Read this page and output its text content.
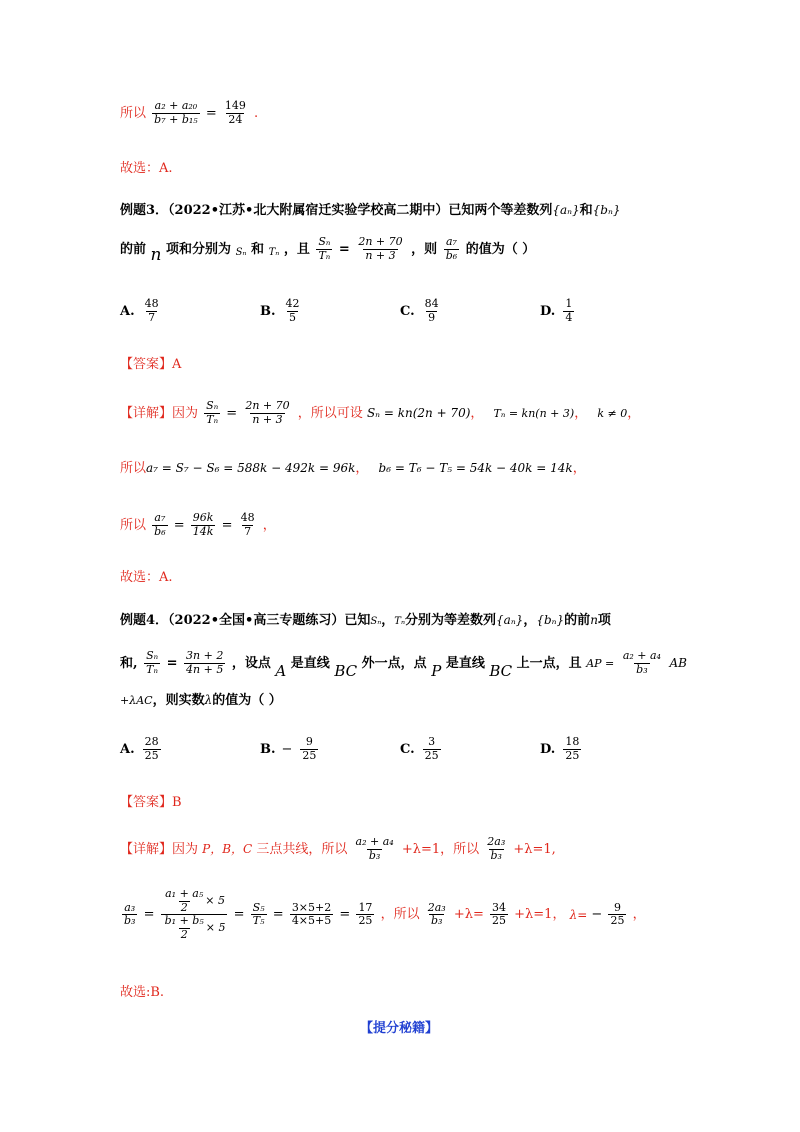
所以 $\frac{\text{a₂ + a₂₀}}{\text{b₇ + b₁₅}} = \frac{149}{24}$ .
故选：A.
例题3．（2022•江苏•北大附属宿迁实验学校高二期中）已知两个等差数列{aₙ}和{bₙ}
的前 n 项和分别为 Sₙ 和 Tₙ ，且 $\frac{\text{Sₙ}}{\text{Tₙ}} = \frac{2n + 70}{n + 3}$ ，则 $\frac{\text{a₇}}{\text{b₆}}$ 的值为（ ）
A. $\frac{48}{7}$	B. $\frac{42}{5}$	C. $\frac{84}{9}$	D. $\frac{1}{4}$
【答案】A
【详解】因为 $\frac{\text{Sₙ}}{\text{Tₙ}} = \frac{2n + 70}{n + 3}$ ，所以可设 Sₙ = kn(2n + 70)， Tₙ = kn(n + 3)， k ≠ 0，
所以a₇ = S₇ − S₆ = 588k − 492k = 96k， b₆ = T₆ − T₅ = 54k − 40k = 14k，
所以 $\frac{\text{a₇}}{\text{b₆}} = \frac{96k}{14k} = \frac{48}{7}$ ，
故选：A.
例题4．（2022•全国•高三专题练习）已知Sₙ，Tₙ分别为等差数列{aₙ}，{bₙ}的前n项
和, $\frac{\text{Sₙ}}{\text{Tₙ}} = \frac{3n + 2}{4n + 5}$ ，设点 A 是直线 BC 外一点，点 P 是直线 BC 上一点，且 AP = $\frac{\text{a₂ + a₄}}{\text{b₃}}$ AB
+λAC，则实数λ的值为（ ）
A. $\frac{28}{25}$	B. − $\frac{9}{25}$	C. $\frac{3}{25}$	D. $\frac{18}{25}$
【答案】B
【详解】因为 P，B，C 三点共线，所以 $\frac{\text{a₂ + a₄}}{\text{b₃}} +\lambda=1$，所以 $\frac{\text{2a₃}}{\text{b₃}} +\lambda=1$,
$\frac{\text{a₃}}{\text{b₃}} = \frac{\frac{\text{a₁ + a₅}}{2} \times 5}{\frac{\text{b₁ + b₅}}{2} \times 5} = \frac{\text{S₅}}{\text{T₅}} = \frac{3\times 5+2}{4\times 5+5} = \frac{17}{25}$ ，所以 $\frac{\text{2a₃}}{\text{b₃}} +\lambda= \frac{34}{25} +\lambda=1$， $\lambda= - \frac{9}{25}$ ，
故选:B.
【提分秘籍】
